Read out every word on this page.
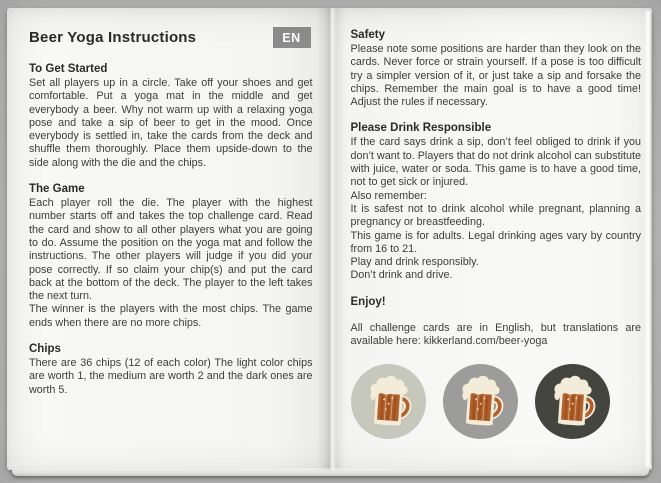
Beer Yoga Instructions	EN
To Get Started

Set all players up in a circle. Take off your shoes and get comfortable. Put a yoga mat in the middle and get everybody a beer. Why not warm up with a relaxing yoga pose and take a sip of beer to get in the mood. Once everybody is settled in, take the cards from the deck and shuffle them thoroughly. Place them upside-down to the side along with the die and the chips.

The Game

Each player roll the die. The player with the highest number starts off and takes the top challenge card. Read the card and show to all other players what you are going to do. Assume the position on the yoga mat and follow the instructions. The other players will judge if you did your pose correctly. If so claim your chip(s) and put the card back at the bottom of the deck. The player to the left takes the next turn.

The winner is the players with the most chips. The game ends when there are no more chips.

Chips

There are 36 chips (12 of each color) The light color chips are worth 1, the medium are worth 2 and the dark ones are worth 5.

Safety

Please note some positions are harder than they look on the cards. Never force or strain yourself. If a pose is too difficult try a simpler version of it, or just take a sip and forsake the chips. Remember the main goal is to have a good time! Adjust the rules if necessary.

Please Drink Responsible

If the card says drink a sip, don’t feel obliged to drink if you don’t want to. Players that do not drink alcohol can substitute with juice, water or soda. This game is to have a good time, not to get sick or injured.

Also remember:

It is safest not to drink alcohol while pregnant, planning a pregnancy or breastfeeding.

This game is for adults. Legal drinking ages vary by country from 16 to 21.

Play and drink responsibly.

Don’t drink and drive.

Enjoy!

All challenge cards are in English, but translations are available here: kikkerland.com/beer-yoga
